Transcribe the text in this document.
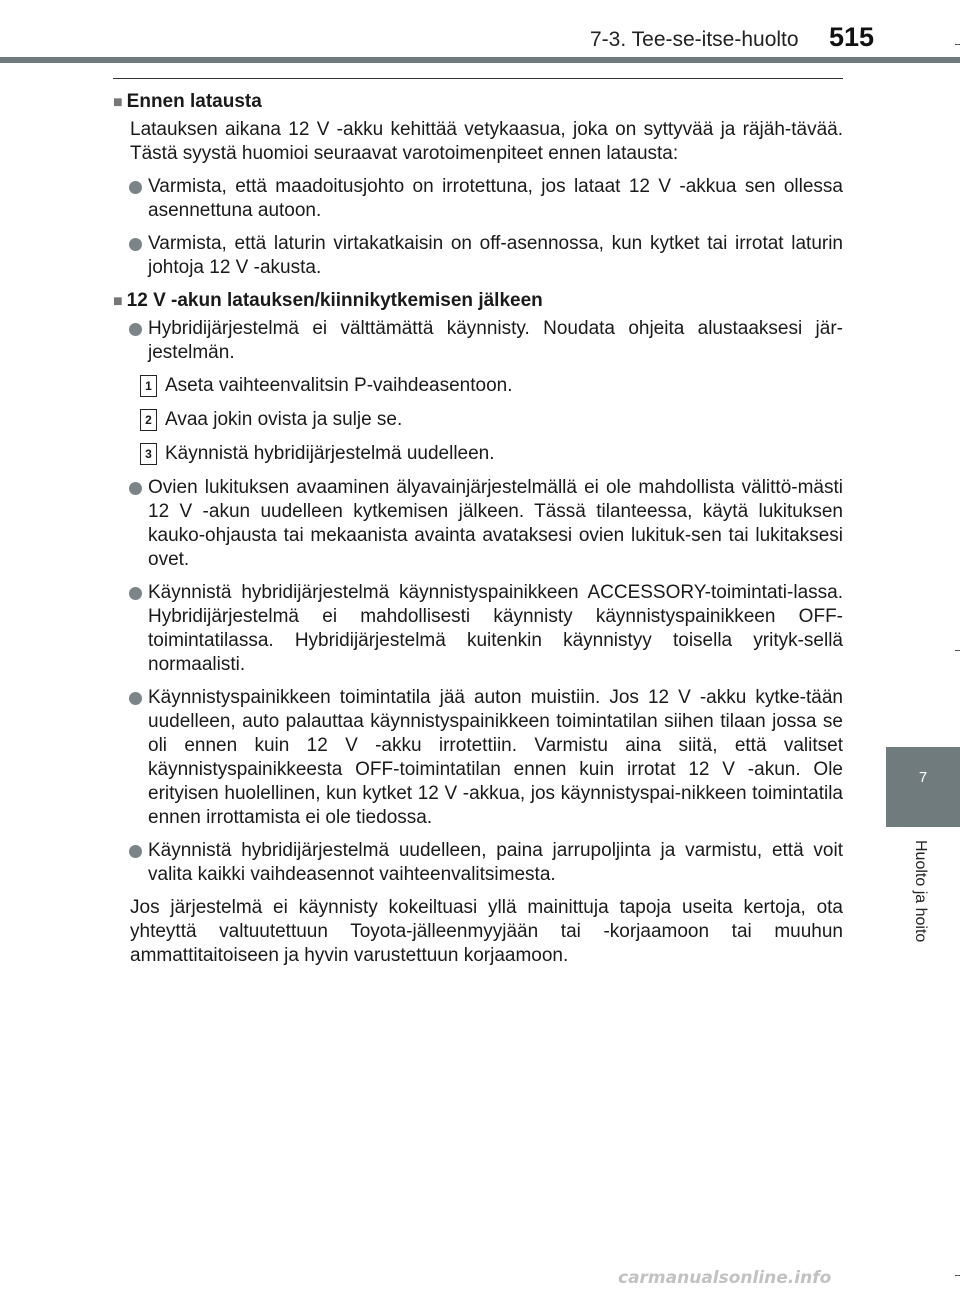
7-3. Tee-se-itse-huolto 515
7
Huolto ja hoito
■ Ennen latausta
Latauksen aikana 12 V -akku kehittää vetykaasua, joka on syttyvää ja räjäh-tävää. Tästä syystä huomioi seuraavat varotoimenpiteet ennen latausta:
Varmista, että maadoitusjohto on irrotettuna, jos lataat 12 V -akkua sen ollessa asennettuna autoon.
Varmista, että laturin virtakatkaisin on off-asennossa, kun kytket tai irrotat laturin johtoja 12 V -akusta.
■ 12 V -akun latauksen/kiinnikytkemisen jälkeen
Hybridijärjestelmä ei välttämättä käynnisty. Noudata ohjeita alustaaksesi jär-jestelmän.
1 Aseta vaihteenvalitsin P-vaihdeasentoon.
2 Avaa jokin ovista ja sulje se.
3 Käynnistä hybridijärjestelmä uudelleen.
Ovien lukituksen avaaminen älyavainjärjestelmällä ei ole mahdollista välittö-mästi 12 V -akun uudelleen kytkemisen jälkeen. Tässä tilanteessa, käytä lukituksen kauko-ohjausta tai mekaanista avainta avataksesi ovien lukituk-sen tai lukitaksesi ovet.
Käynnistä hybridijärjestelmä käynnistyspainikkeen ACCESSORY-toimintati-lassa. Hybridijärjestelmä ei mahdollisesti käynnisty käynnistyspainikkeen OFF-toimintatilassa. Hybridijärjestelmä kuitenkin käynnistyy toisella yrityk-sellä normaalisti.
Käynnistyspainikkeen toimintatila jää auton muistiin. Jos 12 V -akku kytke-tään uudelleen, auto palauttaa käynnistyspainikkeen toimintatilan siihen tilaan jossa se oli ennen kuin 12 V -akku irrotettiin. Varmistu aina siitä, että valitset käynnistyspainikkeesta OFF-toimintatilan ennen kuin irrotat 12 V -akun. Ole erityisen huolellinen, kun kytket 12 V -akkua, jos käynnistyspai-nikkeen toimintatila ennen irrottamista ei ole tiedossa.
Käynnistä hybridijärjestelmä uudelleen, paina jarrupoljinta ja varmistu, että voit valita kaikki vaihdeasennot vaihteenvalitsimesta.
Jos järjestelmä ei käynnisty kokeiltuasi yllä mainittuja tapoja useita kertoja, ota yhteyttä valtuutettuun Toyota-jälleenmyyjään tai -korjaamoon tai muuhun ammattitaitoiseen ja hyvin varustettuun korjaamoon.
carmanualsonline.info
